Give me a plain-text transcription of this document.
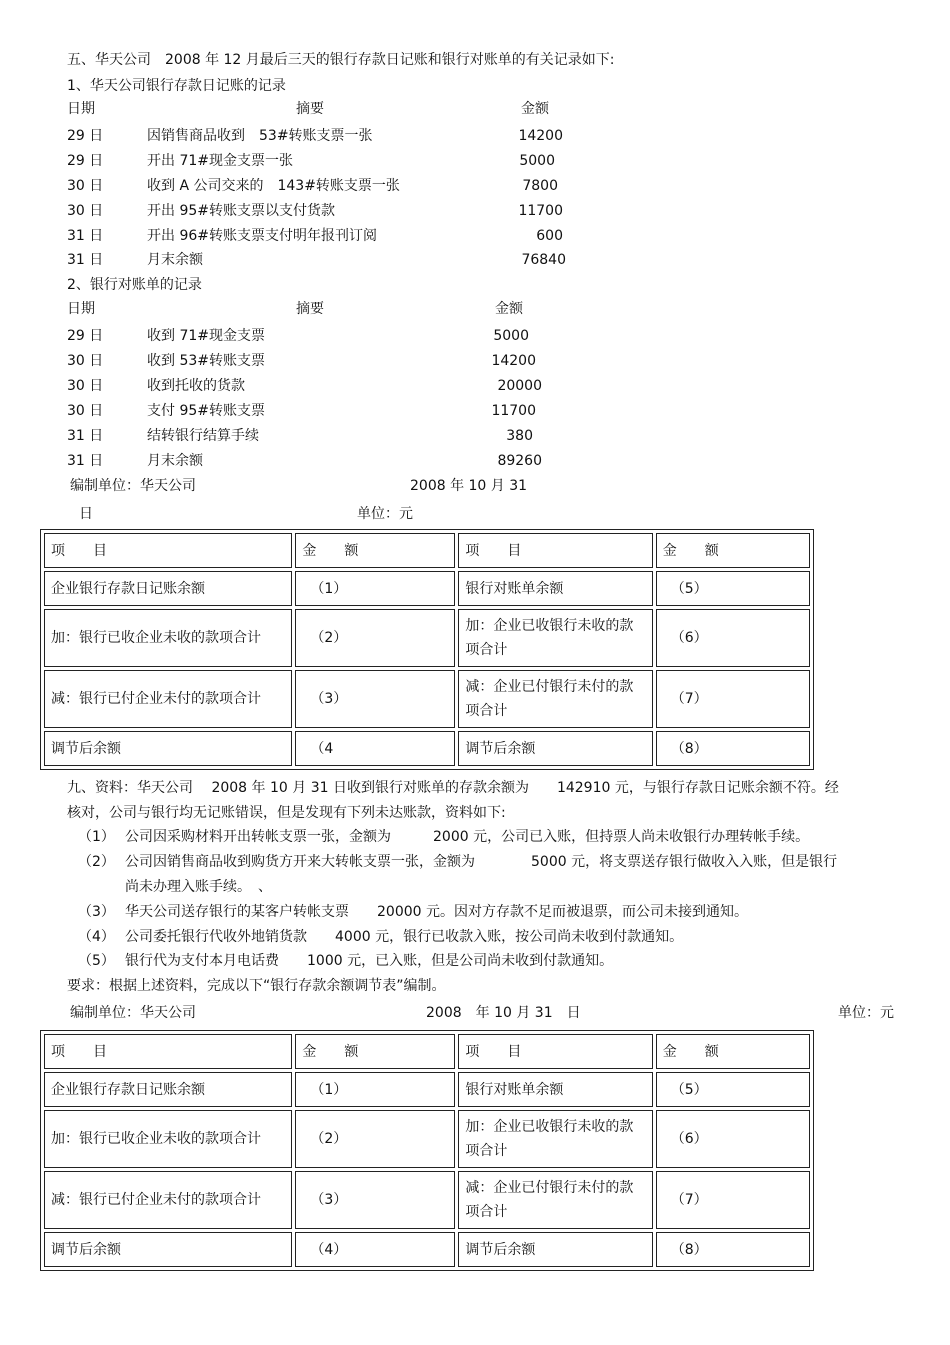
五、华天公司　2008 年 12 月最后三天的银行存款日记账和银行对账单的有关记录如下:
1、华天公司银行存款日记账的记录
日期	摘要	金额
29 日	因销售商品收到　53#转账支票一张	14200
29 日	开出 71#现金支票一张	5000
30 日	收到 A 公司交来的　143#转账支票一张	7800
30 日	开出 95#转账支票以支付货款	11700
31 日	开出 96#转账支票支付明年报刊订阅	600
31 日	月末余额	76840
2、银行对账单的记录
日期	摘要	金额
29 日	收到 71#现金支票	5000
30 日	收到 53#转账支票	14200
30 日	收到托收的货款	20000
30 日	支付 95#转账支票	11700
31 日	结转银行结算手续	380
31 日	月末余额	89260
编制单位：华天公司	2008 年 10 月 31
日	单位：元
项　　目	金　　额	项　　目	金　　额
企业银行存款日记账余额	（1）	银行对账单余额	（5）
加：银行已收企业未收的款项合计	（2）	加：企业已收银行未收的款项合计	（6）
减：银行已付企业未付的款项合计	（3）	减：企业已付银行未付的款项合计	（7）
调节后余额	（4	调节后余额	（8）
九、资料：华天公司　 2008 年 10 月 31 日收到银行对账单的存款余额为　　142910 元，与银行存款日记账余额不符。经
核对，公司与银行均无记账错误，但是发现有下列未达账款，资料如下:
（1） 公司因采购材料开出转帐支票一张，金额为　　　2000 元，公司已入账，但持票人尚未收银行办理转帐手续。
（2） 公司因销售商品收到购货方开来大转帐支票一张，金额为　　　　5000 元，将支票送存银行做收入入账，但是银行
尚未办理入账手续。　、
（3） 华天公司送存银行的某客户转帐支票　　20000 元。因对方存款不足而被退票，而公司未接到通知。
（4） 公司委托银行代收外地销货款　　4000 元，银行已收款入账，按公司尚未收到付款通知。
（5） 银行代为支付本月电话费　　1000 元，已入账，但是公司尚未收到付款通知。
要求：根据上述资料，完成以下“银行存款余额调节表”编制。
编制单位：华天公司	2008　年 10 月 31　日	单位：元
项　　目	金　　额	项　　目	金　　额
企业银行存款日记账余额	（1）	银行对账单余额	（5）
加：银行已收企业未收的款项合计	（2）	加：企业已收银行未收的款项合计	（6）
减：银行已付企业未付的款项合计	（3）	减：企业已付银行未付的款项合计	（7）
调节后余额	（4）	调节后余额	（8）
